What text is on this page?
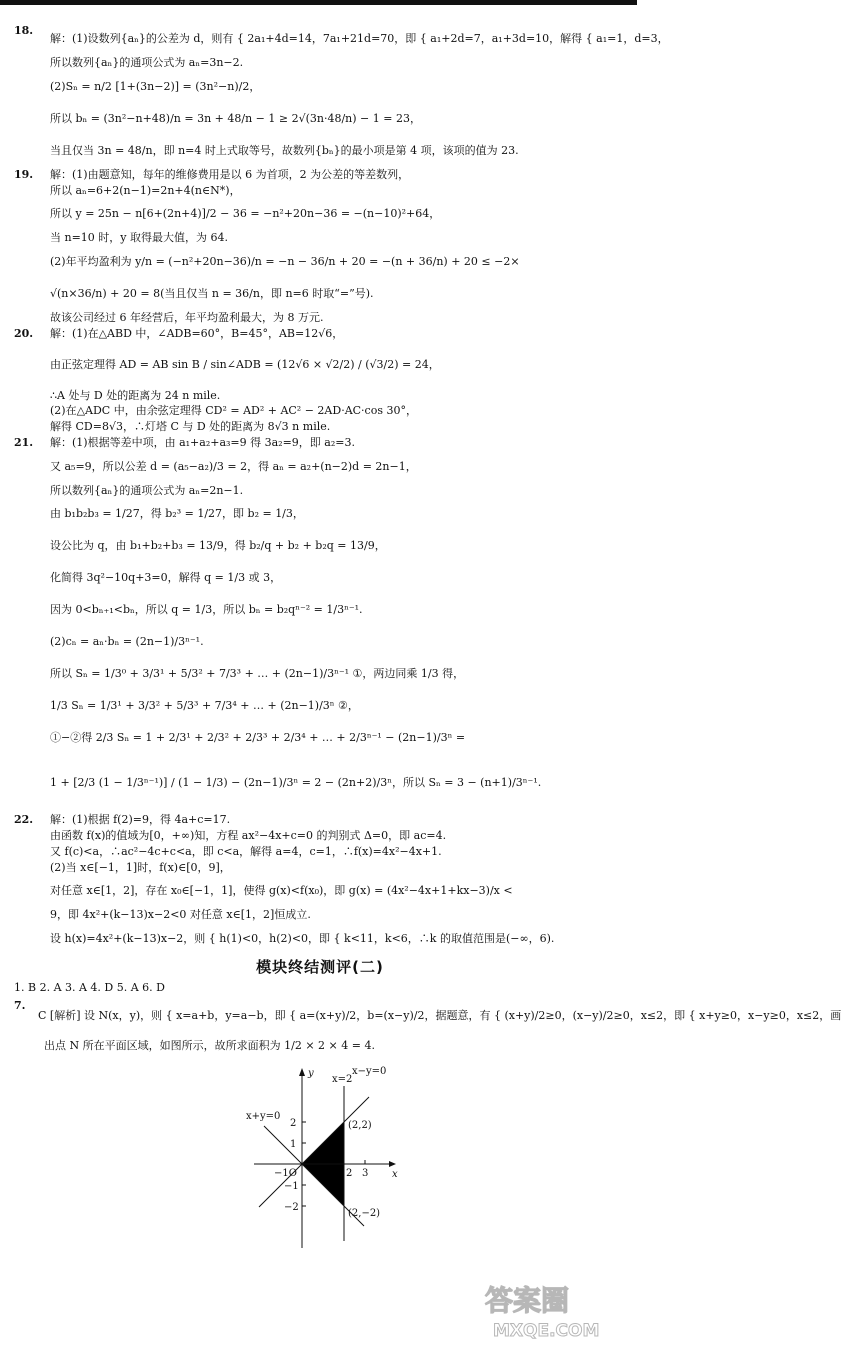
18.
解：(1)设数列{aₙ}的公差为 d，则有 { 2a₁+4d=14，7a₁+21d=70，即 { a₁+2d=7，a₁+3d=10，解得 { a₁=1，d=3，
所以数列{aₙ}的通项公式为 aₙ=3n−2.
(2)Sₙ = n/2 [1+(3n−2)] = (3n²−n)/2，
所以 bₙ = (3n²−n+48)/n = 3n + 48/n − 1 ≥ 2√(3n·48/n) − 1 = 23，
当且仅当 3n = 48/n，即 n=4 时上式取等号，故数列{bₙ}的最小项是第 4 项，该项的值为 23.
19.	解：(1)由题意知，每年的维修费用是以 6 为首项，2 为公差的等差数列，
所以 aₙ=6+2(n−1)=2n+4(n∈N*)，
所以 y = 25n − n[6+(2n+4)]/2 − 36 = −n²+20n−36 = −(n−10)²+64，
当 n=10 时，y 取得最大值，为 64.
(2)年平均盈利为 y/n = (−n²+20n−36)/n = −n − 36/n + 20 = −(n + 36/n) + 20 ≤ −2×
√(n×36/n) + 20 = 8(当且仅当 n = 36/n，即 n=6 时取“=”号).
故该公司经过 6 年经营后，年平均盈利最大，为 8 万元.
20.	解：(1)在△ABD 中，∠ADB=60°，B=45°，AB=12√6，
由正弦定理得 AD = AB sin B / sin∠ADB = (12√6 × √2/2) / (√3/2) = 24，
∴A 处与 D 处的距离为 24 n mile.
(2)在△ADC 中，由余弦定理得 CD² = AD² + AC² − 2AD·AC·cos 30°，
解得 CD=8√3，∴灯塔 C 与 D 处的距离为 8√3 n mile.
21.	解：(1)根据等差中项，由 a₁+a₂+a₃=9 得 3a₂=9，即 a₂=3.
又 a₅=9，所以公差 d = (a₅−a₂)/3 = 2，得 aₙ = a₂+(n−2)d = 2n−1，
所以数列{aₙ}的通项公式为 aₙ=2n−1.
由 b₁b₂b₃ = 1/27，得 b₂³ = 1/27，即 b₂ = 1/3，
设公比为 q，由 b₁+b₂+b₃ = 13/9，得 b₂/q + b₂ + b₂q = 13/9，
化简得 3q²−10q+3=0，解得 q = 1/3 或 3，
因为 0<bₙ₊₁<bₙ，所以 q = 1/3，所以 bₙ = b₂qⁿ⁻² = 1/3ⁿ⁻¹.
(2)cₙ = aₙ·bₙ = (2n−1)/3ⁿ⁻¹.
所以 Sₙ = 1/3⁰ + 3/3¹ + 5/3² + 7/3³ + … + (2n−1)/3ⁿ⁻¹ ①，两边同乘 1/3 得，
1/3 Sₙ = 1/3¹ + 3/3² + 5/3³ + 7/3⁴ + … + (2n−1)/3ⁿ ②，
①−②得 2/3 Sₙ = 1 + 2/3¹ + 2/3² + 2/3³ + 2/3⁴ + … + 2/3ⁿ⁻¹ − (2n−1)/3ⁿ =
1 + [2/3 (1 − 1/3ⁿ⁻¹)] / (1 − 1/3) − (2n−1)/3ⁿ = 2 − (2n+2)/3ⁿ，所以 Sₙ = 3 − (n+1)/3ⁿ⁻¹.
22.	解：(1)根据 f(2)=9，得 4a+c=17.
由函数 f(x)的值域为[0，+∞)知，方程 ax²−4x+c=0 的判别式 Δ=0，即 ac=4.
又 f(c)<a，∴ac²−4c+c<a，即 c<a，解得 a=4，c=1，∴f(x)=4x²−4x+1.
(2)当 x∈[−1，1]时，f(x)∈[0，9]，
对任意 x∈[1，2]，存在 x₀∈[−1，1]，使得 g(x)<f(x₀)，即 g(x) = (4x²−4x+1+kx−3)/x <
9，即 4x²+(k−13)x−2<0 对任意 x∈[1，2]恒成立.
设 h(x)=4x²+(k−13)x−2，则 { h(1)<0，h(2)<0，即 { k<11，k<6，∴k 的取值范围是(−∞，6).
模块终结测评(二)
1. B 2. A 3. A 4. D 5. A 6. D
7.
C [解析] 设 N(x，y)，则 { x=a+b，y=a−b，即 { a=(x+y)/2，b=(x−y)/2，据题意，有 { (x+y)/2≥0，(x−y)/2≥0，x≤2，即 { x+y≥0，x−y≥0，x≤2，画
出点 N 所在平面区域，如图所示，故所求面积为 1/2 × 2 × 4 = 4.
x=2
x−y=0
x+y=0
(2,2)
(2,−2)
x
y
2
1
−1
−2
2 3
−1O
答案圈
MXQE.COM
